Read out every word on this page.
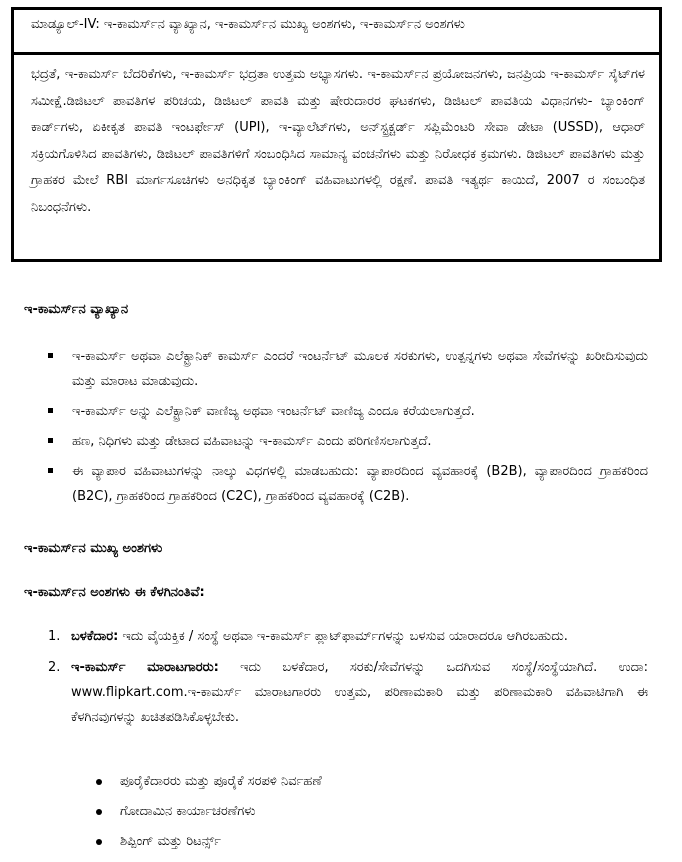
ಮಾಡ್ಯೂಲ್-IV: ಇ-ಕಾಮರ್ಸ್‌ನ ವ್ಯಾಖ್ಯಾನ, ಇ-ಕಾಮರ್ಸ್‌ನ ಮುಖ್ಯ ಅಂಶಗಳು, ಇ-ಕಾಮರ್ಸ್‌ನ ಅಂಶಗಳು
ಭದ್ರತೆ, ಇ-ಕಾಮರ್ಸ್ ಬೆದರಿಕೆಗಳು, ಇ-ಕಾಮರ್ಸ್ ಭದ್ರತಾ ಉತ್ತಮ ಅಭ್ಯಾಸಗಳು. ಇ-ಕಾಮರ್ಸ್‌ನ ಪ್ರಯೋಜನಗಳು, ಜನಪ್ರಿಯ ಇ-ಕಾಮರ್ಸ್ ಸೈಟ್‌ಗಳ ಸಮೀಕ್ಷೆ.ಡಿಜಿಟಲ್ ಪಾವತಿಗಳ ಪರಿಚಯ, ಡಿಜಿಟಲ್ ಪಾವತಿ ಮತ್ತು ಷೇರುದಾರರ ಘಟಕಗಳು, ಡಿಜಿಟಲ್ ಪಾವತಿಯ ವಿಧಾನಗಳು- ಬ್ಯಾಂಕಿಂಗ್ ಕಾರ್ಡ್‌ಗಳು, ಏಕೀಕೃತ ಪಾವತಿ ಇಂಟರ್ಫೇಸ್ (UPI), ಇ-ವ್ಯಾಲೆಟ್‌ಗಳು, ಅನ್‌ಸ್ಟ್ರಕ್ಚರ್ಡ್ ಸಪ್ಲಿಮೆಂಟರಿ ಸೇವಾ ಡೇಟಾ (USSD), ಆಧಾರ್ ಸಕ್ರಿಯಗೊಳಿಸಿದ ಪಾವತಿಗಳು, ಡಿಜಿಟಲ್ ಪಾವತಿಗಳಿಗೆ ಸಂಬಂಧಿಸಿದ ಸಾಮಾನ್ಯ ವಂಚನೆಗಳು ಮತ್ತು ನಿರೋಧಕ ಕ್ರಮಗಳು. ಡಿಜಿಟಲ್ ಪಾವತಿಗಳು ಮತ್ತು ಗ್ರಾಹಕರ ಮೇಲೆ RBI ಮಾರ್ಗಸೂಚಿಗಳು ಅನಧಿಕೃತ ಬ್ಯಾಂಕಿಂಗ್ ವಹಿವಾಟುಗಳಲ್ಲಿ ರಕ್ಷಣೆ. ಪಾವತಿ ಇತ್ಯರ್ಥ ಕಾಯಿದೆ, 2007 ರ ಸಂಬಂಧಿತ ನಿಬಂಧನೆಗಳು.
ಇ-ಕಾಮರ್ಸ್‌ನ ವ್ಯಾಖ್ಯಾನ
ಇ-ಕಾಮರ್ಸ್ ಅಥವಾ ಎಲೆಕ್ಟ್ರಾನಿಕ್ ಕಾಮರ್ಸ್ ಎಂದರೆ ಇಂಟರ್ನೆಟ್ ಮೂಲಕ ಸರಕುಗಳು, ಉತ್ಪನ್ನಗಳು ಅಥವಾ ಸೇವೆಗಳನ್ನು ಖರೀದಿಸುವುದು ಮತ್ತು ಮಾರಾಟ ಮಾಡುವುದು.
ಇ-ಕಾಮರ್ಸ್ ಅನ್ನು ಎಲೆಕ್ಟ್ರಾನಿಕ್ ವಾಣಿಜ್ಯ ಅಥವಾ ಇಂಟರ್ನೆಟ್ ವಾಣಿಜ್ಯ ಎಂದೂ ಕರೆಯಲಾಗುತ್ತದೆ.
ಹಣ, ನಿಧಿಗಳು ಮತ್ತು ಡೇಟಾದ ವಹಿವಾಟನ್ನು ಇ-ಕಾಮರ್ಸ್ ಎಂದು ಪರಿಗಣಿಸಲಾಗುತ್ತದೆ.
ಈ ವ್ಯಾಪಾರ ವಹಿವಾಟುಗಳನ್ನು ನಾಲ್ಕು ವಿಧಗಳಲ್ಲಿ ಮಾಡಬಹುದು: ವ್ಯಾಪಾರದಿಂದ ವ್ಯವಹಾರಕ್ಕೆ (B2B), ವ್ಯಾಪಾರದಿಂದ ಗ್ರಾಹಕರಿಂದ (B2C), ಗ್ರಾಹಕರಿಂದ ಗ್ರಾಹಕರಿಂದ (C2C), ಗ್ರಾಹಕರಿಂದ ವ್ಯವಹಾರಕ್ಕೆ (C2B).
ಇ-ಕಾಮರ್ಸ್‌ನ ಮುಖ್ಯ ಅಂಶಗಳು
ಇ-ಕಾಮರ್ಸ್‌ನ ಅಂಶಗಳು ಈ ಕೆಳಗಿನಂತಿವೆ:
1. ಬಳಕೆದಾರ: ಇದು ವೈಯಕ್ತಿಕ / ಸಂಸ್ಥೆ ಅಥವಾ ಇ-ಕಾಮರ್ಸ್ ಪ್ಲಾಟ್‌ಫಾರ್ಮ್‌ಗಳನ್ನು ಬಳಸುವ ಯಾರಾದರೂ ಆಗಿರಬಹುದು.
2. ಇ-ಕಾಮರ್ಸ್ ಮಾರಾಟಗಾರರು: ಇದು ಬಳಕೆದಾರ, ಸರಕು/ಸೇವೆಗಳನ್ನು ಒದಗಿಸುವ ಸಂಸ್ಥೆ/ಸಂಸ್ಥೆಯಾಗಿದೆ. ಉದಾ: www.flipkart.com.ಇ-ಕಾಮರ್ಸ್ ಮಾರಾಟಗಾರರು ಉತ್ತಮ, ಪರಿಣಾಮಕಾರಿ ಮತ್ತು ಪರಿಣಾಮಕಾರಿ ವಹಿವಾಟಿಗಾಗಿ ಈ ಕೆಳಗಿನವುಗಳನ್ನು ಖಚಿತಪಡಿಸಿಕೊಳ್ಳಬೇಕು.
ಪೂರೈಕೆದಾರರು ಮತ್ತು ಪೂರೈಕೆ ಸರಪಳಿ ನಿರ್ವಹಣೆ
ಗೋದಾಮಿನ ಕಾರ್ಯಾಚರಣೆಗಳು
ಶಿಪ್ಪಿಂಗ್ ಮತ್ತು ರಿಟರ್ನ್ಸ್
